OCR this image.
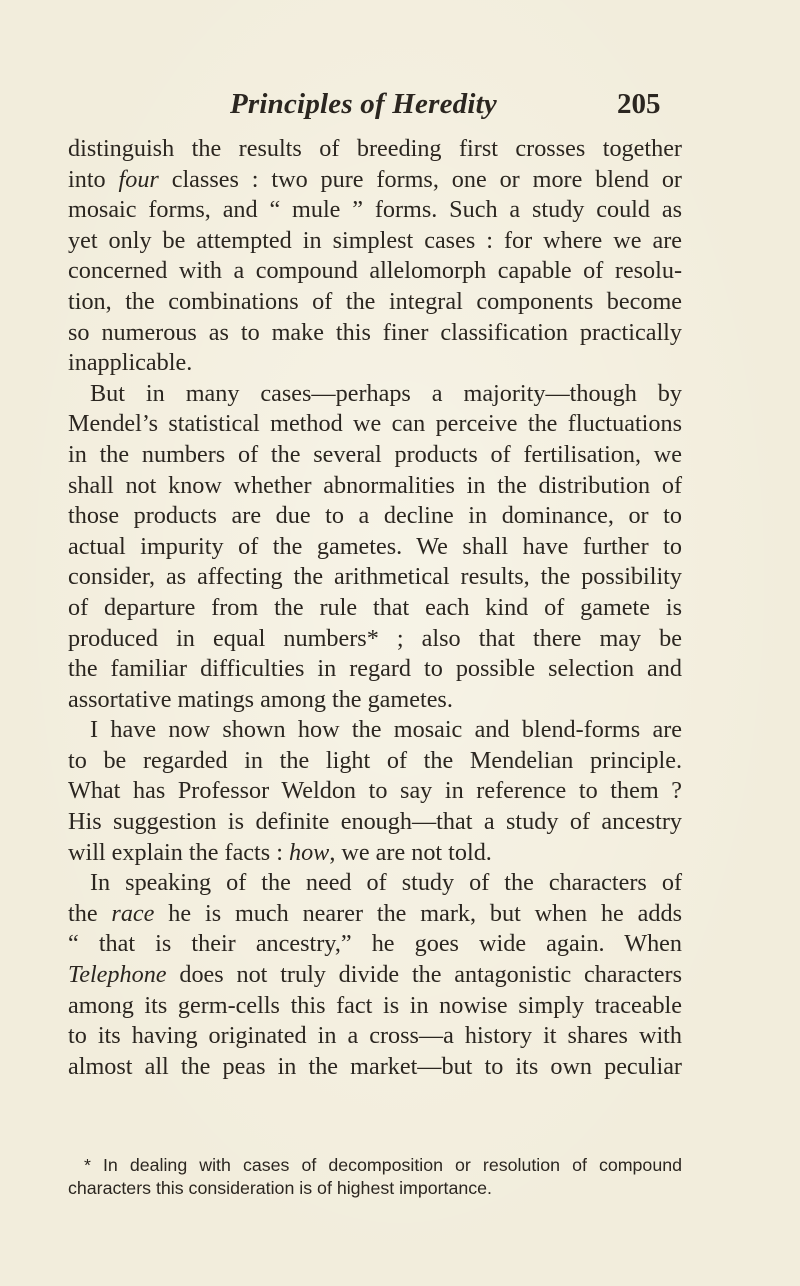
Principles of Heredity	205
distinguish the results of breeding first crosses together
into four classes : two pure forms, one or more blend or
mosaic forms, and “ mule ” forms. Such a study could as
yet only be attempted in simplest cases : for where we are
concerned with a compound allelomorph capable of resolu-
tion, the combinations of the integral components become
so numerous as to make this finer classification practically
inapplicable.
But in many cases—perhaps a majority—though by
Mendel’s statistical method we can perceive the fluctuations
in the numbers of the several products of fertilisation, we
shall not know whether abnormalities in the distribution of
those products are due to a decline in dominance, or to
actual impurity of the gametes. We shall have further to
consider, as affecting the arithmetical results, the possibility
of departure from the rule that each kind of gamete is
produced in equal numbers* ; also that there may be
the familiar difficulties in regard to possible selection and
assortative matings among the gametes.
I have now shown how the mosaic and blend-forms are
to be regarded in the light of the Mendelian principle.
What has Professor Weldon to say in reference to them ?
His suggestion is definite enough—that a study of ancestry
will explain the facts : how, we are not told.
In speaking of the need of study of the characters of
the race he is much nearer the mark, but when he adds
“ that is their ancestry,” he goes wide again. When
Telephone does not truly divide the antagonistic characters
among its germ-cells this fact is in nowise simply traceable
to its having originated in a cross—a history it shares with
almost all the peas in the market—but to its own peculiar
* In dealing with cases of decomposition or resolution of compound
characters this consideration is of highest importance.
